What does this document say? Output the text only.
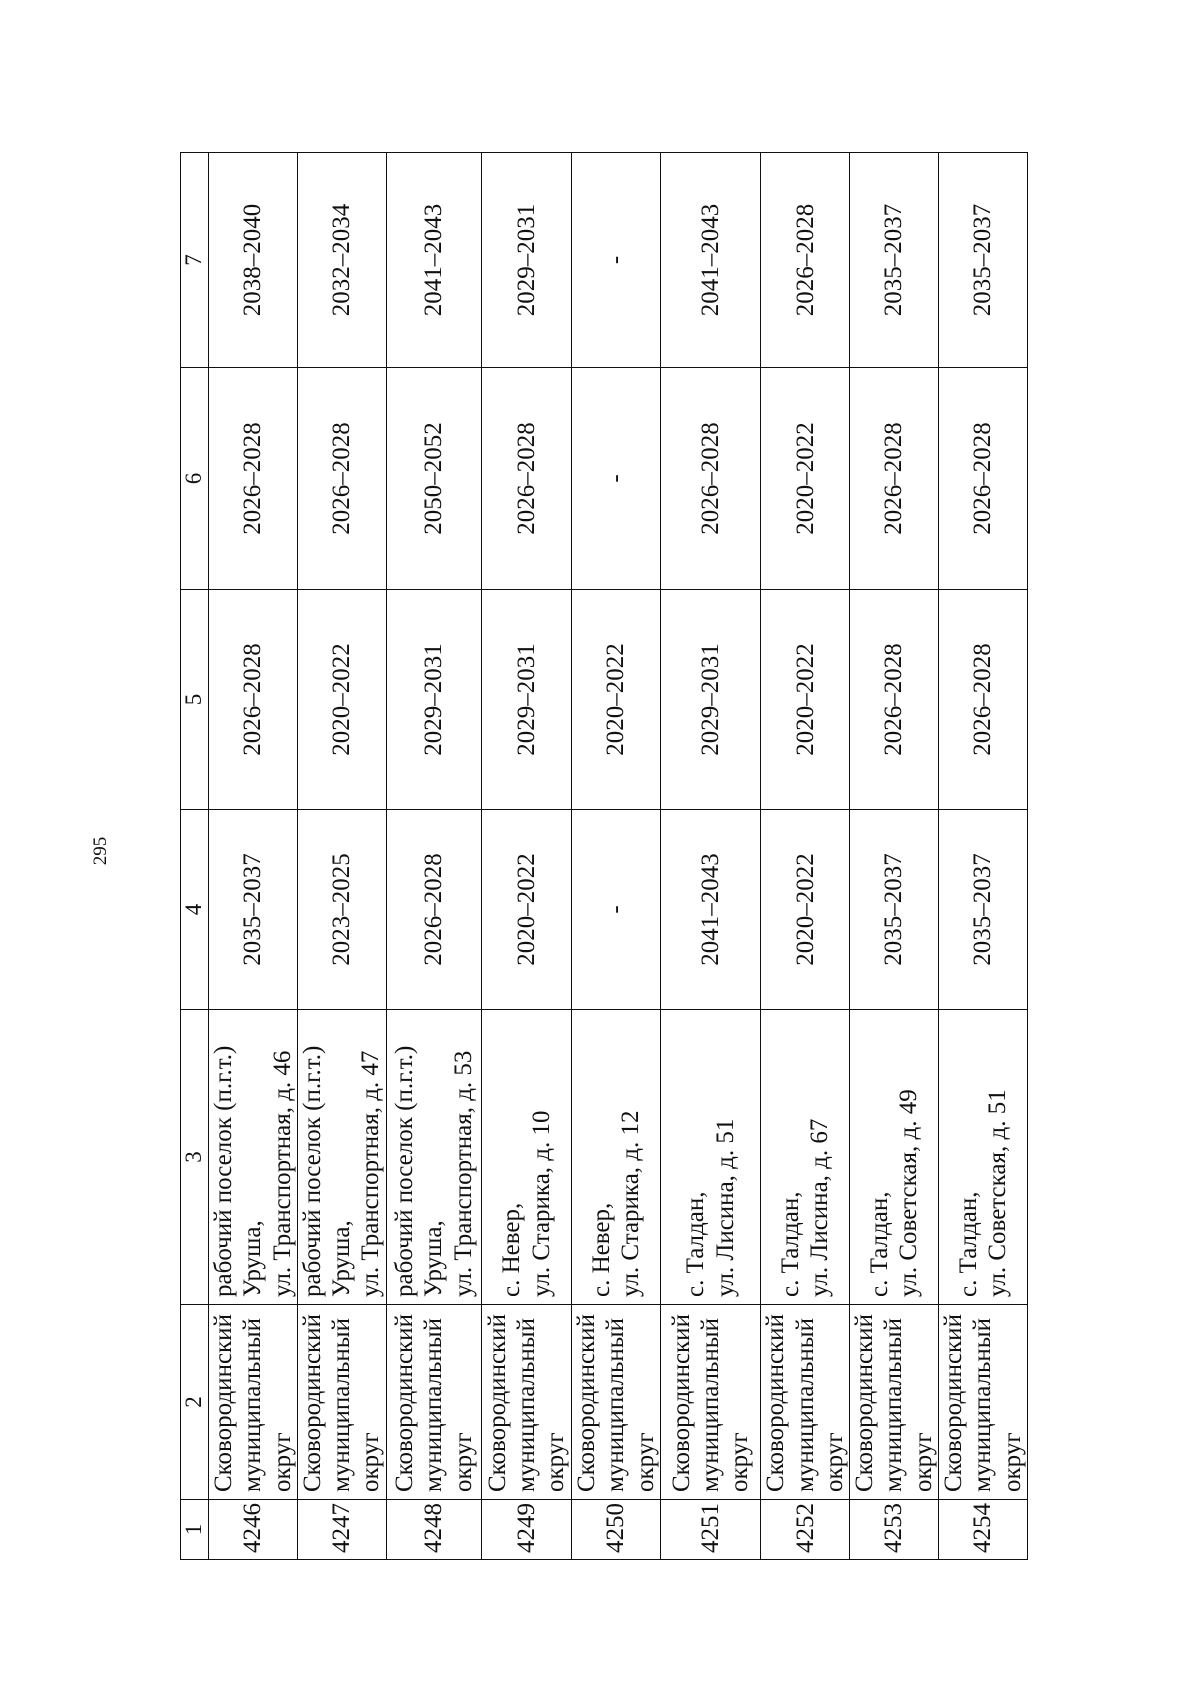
295
1	2	3	4	5	6	7
4246	Сковородинский муниципальный округ	рабочий поселок (п.г.т.) Уруша, ул. Транспортная, д. 46	2035–2037	2026–2028	2026–2028	2038–2040
4247	Сковородинский муниципальный округ	рабочий поселок (п.г.т.) Уруша, ул. Транспортная, д. 47	2023–2025	2020–2022	2026–2028	2032–2034
4248	Сковородинский муниципальный округ	рабочий поселок (п.г.т.) Уруша, ул. Транспортная, д. 53	2026–2028	2029–2031	2050–2052	2041–2043
4249	Сковородинский муниципальный округ	с. Невер, ул. Старика, д. 10	2020–2022	2029–2031	2026–2028	2029–2031
4250	Сковородинский муниципальный округ	с. Невер, ул. Старика, д. 12	-	2020–2022	-	-
4251	Сковородинский муниципальный округ	с. Талдан, ул. Лисина, д. 51	2041–2043	2029–2031	2026–2028	2041–2043
4252	Сковородинский муниципальный округ	с. Талдан, ул. Лисина, д. 67	2020–2022	2020–2022	2020–2022	2026–2028
4253	Сковородинский муниципальный округ	с. Талдан, ул. Советская, д. 49	2035–2037	2026–2028	2026–2028	2035–2037
4254	Сковородинский муниципальный округ	с. Талдан, ул. Советская, д. 51	2035–2037	2026–2028	2026–2028	2035–2037
